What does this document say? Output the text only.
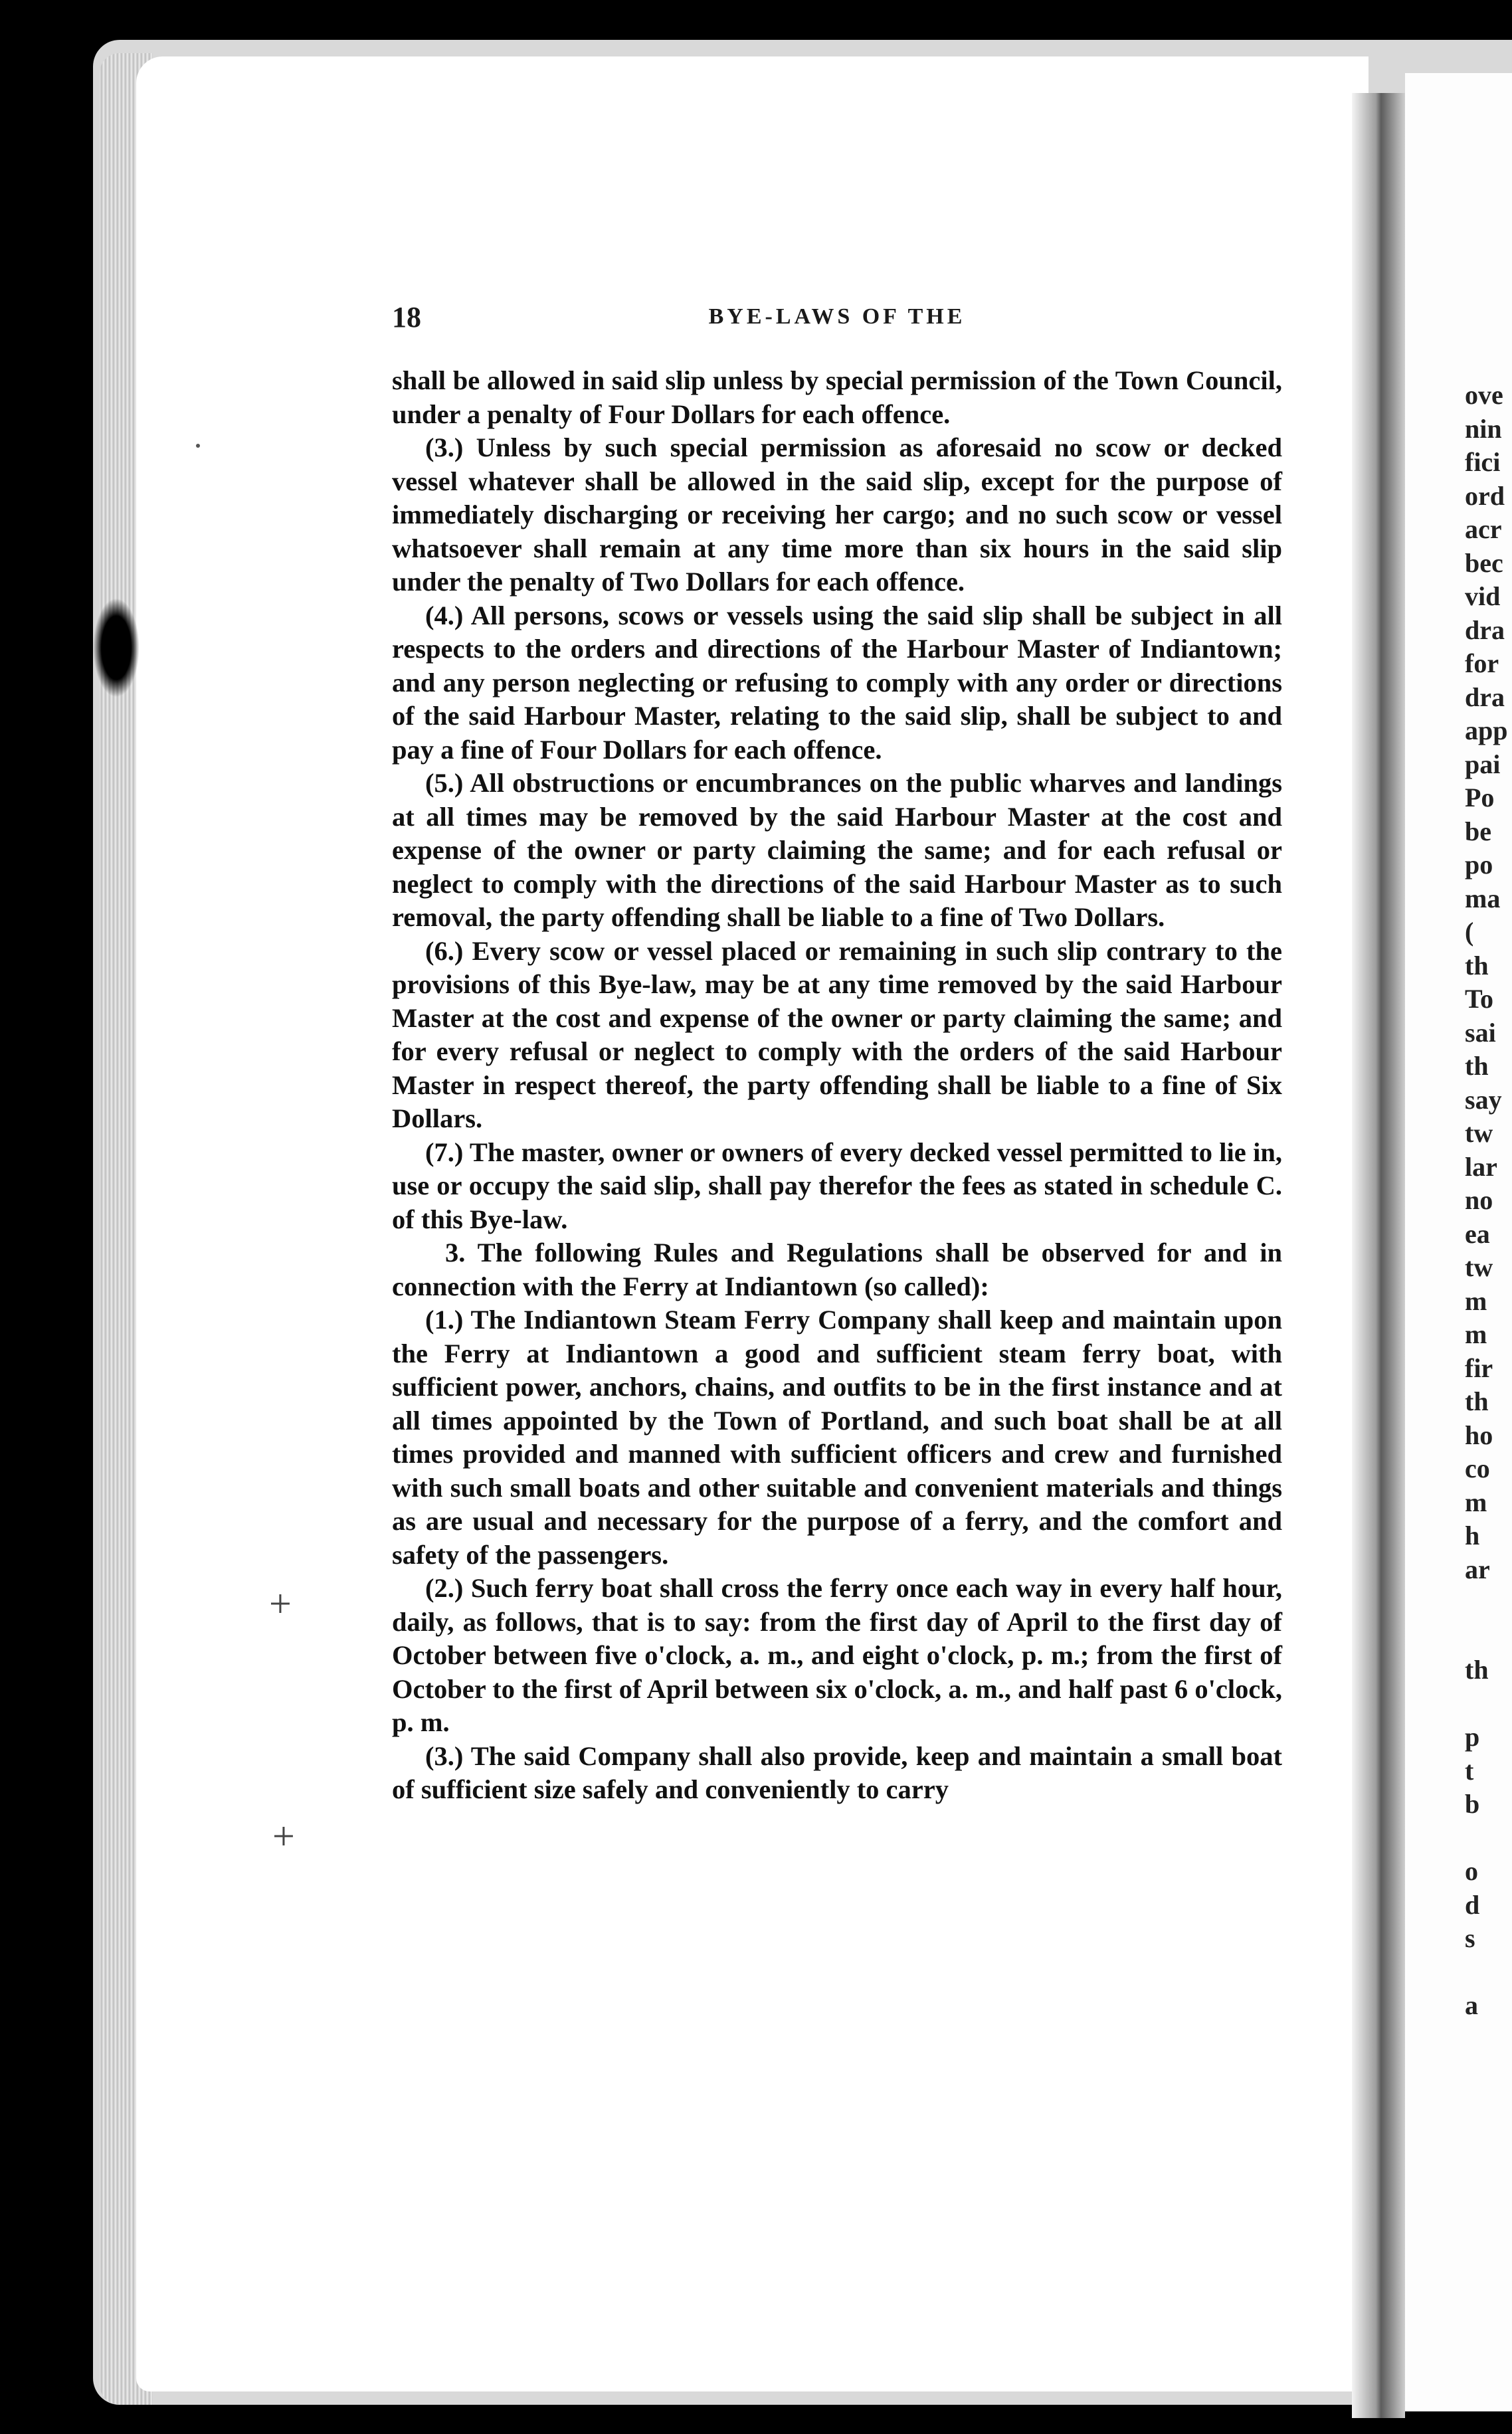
+
+
18	BYE-LAWS OF THE

shall be allowed in said slip unless by special permission of the Town Council, under a penalty of Four Dollars for each offence.

(3.) Unless by such special permission as aforesaid no scow or decked vessel whatever shall be allowed in the said slip, except for the purpose of immediately discharging or receiving her cargo; and no such scow or vessel whatsoever shall remain at any time more than six hours in the said slip under the penalty of Two Dollars for each offence.

(4.) All persons, scows or vessels using the said slip shall be subject in all respects to the orders and directions of the Harbour Master of Indiantown; and any person neglecting or refusing to comply with any order or directions of the said Harbour Master, relating to the said slip, shall be subject to and pay a fine of Four Dollars for each offence.

(5.) All obstructions or encumbrances on the public wharves and landings at all times may be removed by the said Harbour Master at the cost and expense of the owner or party claiming the same; and for each refusal or neglect to comply with the directions of the said Harbour Master as to such removal, the party offending shall be liable to a fine of Two Dollars.

(6.) Every scow or vessel placed or remaining in such slip contrary to the provisions of this Bye-law, may be at any time removed by the said Harbour Master at the cost and expense of the owner or party claiming the same; and for every refusal or neglect to comply with the orders of the said Harbour Master in respect thereof, the party offending shall be liable to a fine of Six Dollars.

(7.) The master, owner or owners of every decked vessel permitted to lie in, use or occupy the said slip, shall pay therefor the fees as stated in schedule C. of this Bye-law.

3. The following Rules and Regulations shall be observed for and in connection with the Ferry at Indiantown (so called):

(1.) The Indiantown Steam Ferry Company shall keep and maintain upon the Ferry at Indiantown a good and sufficient steam ferry boat, with sufficient power, anchors, chains, and outfits to be in the first instance and at all times appointed by the Town of Portland, and such boat shall be at all times provided and manned with sufficient officers and crew and furnished with such small boats and other suitable and convenient materials and things as are usual and necessary for the purpose of a ferry, and the comfort and safety of the passengers.

(2.) Such ferry boat shall cross the ferry once each way in every half hour, daily, as follows, that is to say: from the first day of April to the first day of October between five o'clock, a. m., and eight o'clock, p. m.; from the first of October to the first of April between six o'clock, a. m., and half past 6 o'clock, p. m.

(3.) The said Company shall also provide, keep and maintain a small boat of sufficient size safely and conveniently to carry

ove
nin
fici
ord
acr
bec
vid
dra
for
dra
app
pai
Po
be
po
ma
(
th
To
sai
th
say
tw
lar
no
ea
tw
m
m
fir
th
ho
co
m
h
ar
th
p
t
b
o
d
s
a
